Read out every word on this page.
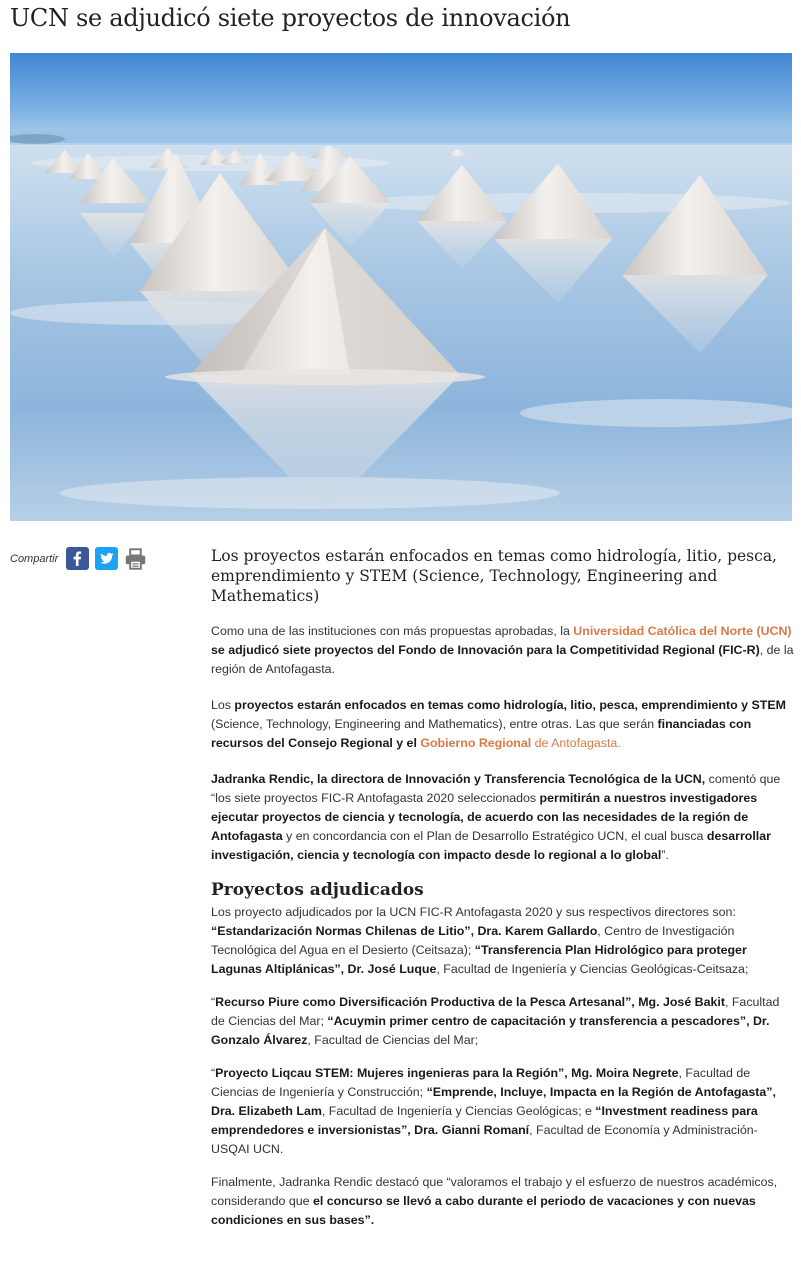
UCN se adjudicó siete proyectos de innovación
Compartir	Los proyectos estarán enfocados en temas como hidrología, litio, pesca, emprendimiento y STEM (Science, Technology, Engineering and Mathematics)

Como una de las instituciones con más propuestas aprobadas, la Universidad Católica del Norte (UCN) se adjudicó siete proyectos del Fondo de Innovación para la Competitividad Regional (FIC-R), de la región de Antofagasta.

Los proyectos estarán enfocados en temas como hidrología, litio, pesca, emprendimiento y STEM (Science, Technology, Engineering and Mathematics), entre otras. Las que serán financiadas con recursos del Consejo Regional y el Gobierno Regional de Antofagasta.

Jadranka Rendic, la directora de Innovación y Transferencia Tecnológica de la UCN, comentó que “los siete proyectos FIC-R Antofagasta 2020 seleccionados permitirán a nuestros investigadores ejecutar proyectos de ciencia y tecnología, de acuerdo con las necesidades de la región de Antofagasta y en concordancia con el Plan de Desarrollo Estratégico UCN, el cual busca desarrollar investigación, ciencia y tecnología con impacto desde lo regional a lo global”.

Proyectos adjudicados

Los proyecto adjudicados por la UCN FIC-R Antofagasta 2020 y sus respectivos directores son: “Estandarización Normas Chilenas de Litio”, Dra. Karem Gallardo, Centro de Investigación Tecnológica del Agua en el Desierto (Ceitsaza); “Transferencia Plan Hidrológico para proteger Lagunas Altiplánicas”, Dr. José Luque, Facultad de Ingeniería y Ciencias Geológicas-Ceitsaza;

“Recurso Piure como Diversificación Productiva de la Pesca Artesanal”, Mg. José Bakit, Facultad de Ciencias del Mar; “Acuymin primer centro de capacitación y transferencia a pescadores”, Dr. Gonzalo Álvarez, Facultad de Ciencias del Mar;

“Proyecto Liqcau STEM: Mujeres ingenieras para la Región”, Mg. Moira Negrete, Facultad de Ciencias de Ingeniería y Construcción; “Emprende, Incluye, Impacta en la Región de Antofagasta”, Dra. Elizabeth Lam, Facultad de Ingeniería y Ciencias Geológicas; e “Investment readiness para emprendedores e inversionistas”, Dra. Gianni Romaní, Facultad de Economía y Administración-USQAI UCN.

Finalmente, Jadranka Rendic destacó que “valoramos el trabajo y el esfuerzo de nuestros académicos, considerando que el concurso se llevó a cabo durante el periodo de vacaciones y con nuevas condiciones en sus bases”.
